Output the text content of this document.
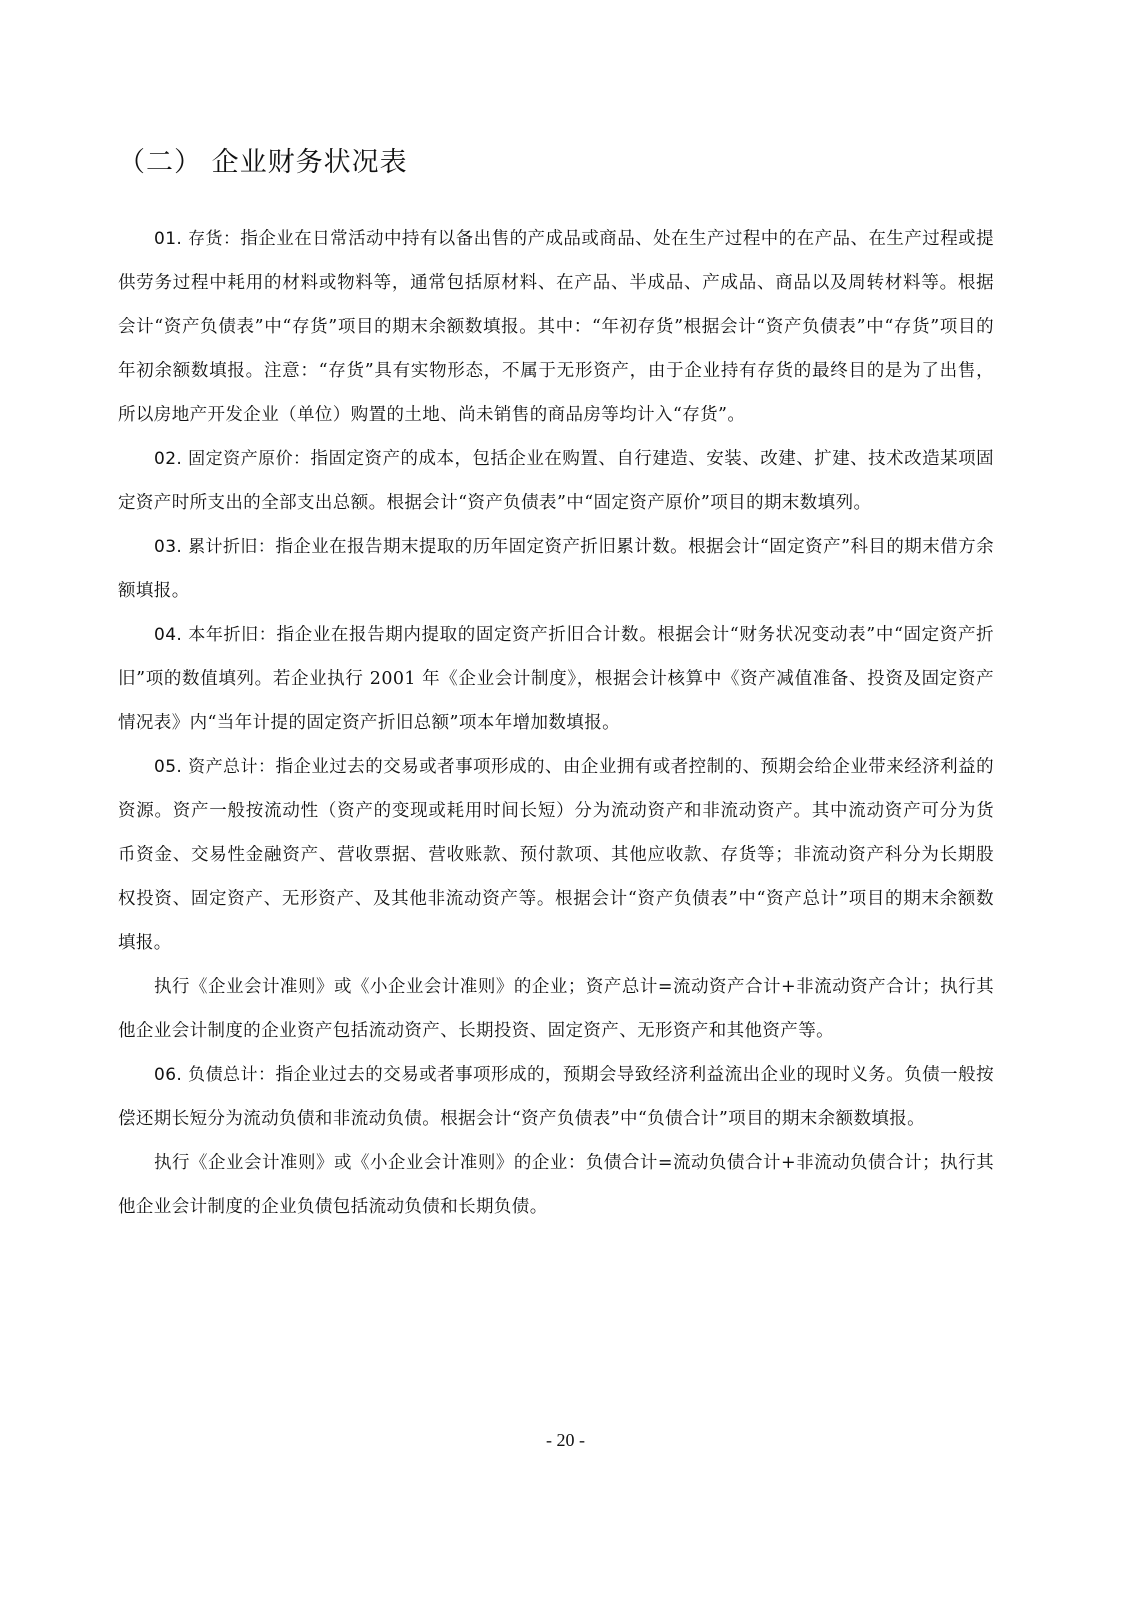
（二） 企业财务状况表

01. 存货：指企业在日常活动中持有以备出售的产成品或商品、处在生产过程中的在产品、在生产过程或提供劳务过程中耗用的材料或物料等，通常包括原材料、在产品、半成品、产成品、商品以及周转材料等。根据会计“资产负债表”中“存货”项目的期末余额数填报。其中：“年初存货”根据会计“资产负债表”中“存货”项目的年初余额数填报。注意：“存货”具有实物形态，不属于无形资产，由于企业持有存货的最终目的是为了出售，所以房地产开发企业（单位）购置的土地、尚未销售的商品房等均计入“存货”。

02. 固定资产原价：指固定资产的成本，包括企业在购置、自行建造、安装、改建、扩建、技术改造某项固定资产时所支出的全部支出总额。根据会计“资产负债表”中“固定资产原价”项目的期末数填列。

03. 累计折旧：指企业在报告期末提取的历年固定资产折旧累计数。根据会计“固定资产”科目的期末借方余额填报。

04. 本年折旧：指企业在报告期内提取的固定资产折旧合计数。根据会计“财务状况变动表”中“固定资产折旧”项的数值填列。若企业执行 2001 年《企业会计制度》，根据会计核算中《资产减值准备、投资及固定资产情况表》内“当年计提的固定资产折旧总额”项本年增加数填报。

05. 资产总计：指企业过去的交易或者事项形成的、由企业拥有或者控制的、预期会给企业带来经济利益的资源。资产一般按流动性（资产的变现或耗用时间长短）分为流动资产和非流动资产。其中流动资产可分为货币资金、交易性金融资产、营收票据、营收账款、预付款项、其他应收款、存货等；非流动资产科分为长期股权投资、固定资产、无形资产、及其他非流动资产等。根据会计“资产负债表”中“资产总计”项目的期末余额数填报。

执行《企业会计准则》或《小企业会计准则》的企业；资产总计=流动资产合计+非流动资产合计；执行其他企业会计制度的企业资产包括流动资产、长期投资、固定资产、无形资产和其他资产等。

06. 负债总计：指企业过去的交易或者事项形成的，预期会导致经济利益流出企业的现时义务。负债一般按偿还期长短分为流动负债和非流动负债。根据会计“资产负债表”中“负债合计”项目的期末余额数填报。

执行《企业会计准则》或《小企业会计准则》的企业：负债合计=流动负债合计+非流动负债合计；执行其他企业会计制度的企业负债包括流动负债和长期负债。

- 20 -
